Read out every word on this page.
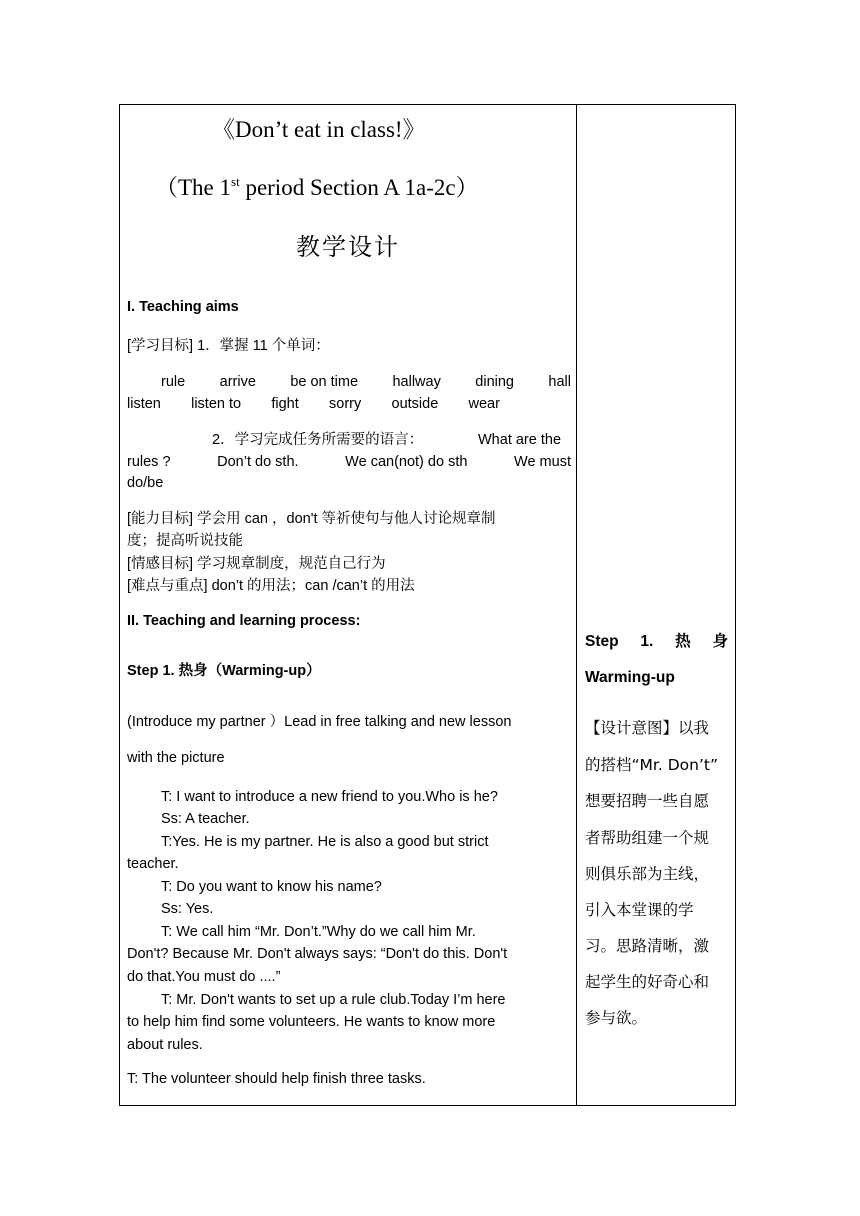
《Don’t eat in class!》
（The 1st period Section A 1a-2c）
教学设计
I. Teaching aims
[学习目标] 1．掌握 11 个单词：
rule arrive be on time hallway dining hall
listen listen to fight sorry outside wear
2．学习完成任务所需要的语言：	What are the
rules ?	Don’t do sth.	We can(not) do sth	We must
do/be
[能力目标] 学会用 can ，don't 等祈使句与他人讨论规章制
度；提高听说技能
[情感目标] 学习规章制度，规范自己行为
[难点与重点] don’t 的用法；can /can’t 的用法
II. Teaching and learning process:
Step 1. 热身（Warming-up）
(Introduce my partner ）Lead in free talking and new lesson
with the picture
T: I want to introduce a new friend to you.Who is he?
Ss: A teacher.
T:Yes. He is my partner. He is also a good but strict
teacher.
T: Do you want to know his name?
Ss: Yes.
T: We call him “Mr. Don’t.”Why do we call him Mr.
Don't? Because Mr. Don't always says: “Don't do this. Don't
do that.You must do ....”
T: Mr. Don't wants to set up a rule club.Today I’m here
to help him find some volunteers. He wants to know more
about rules.
T: The volunteer should help finish three tasks.
Step 1. 热 身
Warming-up
【设计意图】以我
的搭档“Mr. Don’t”
想要招聘一些自愿
者帮助组建一个规
则俱乐部为主线，
引入本堂课的学
习。思路清晰，激
起学生的好奇心和
参与欲。
